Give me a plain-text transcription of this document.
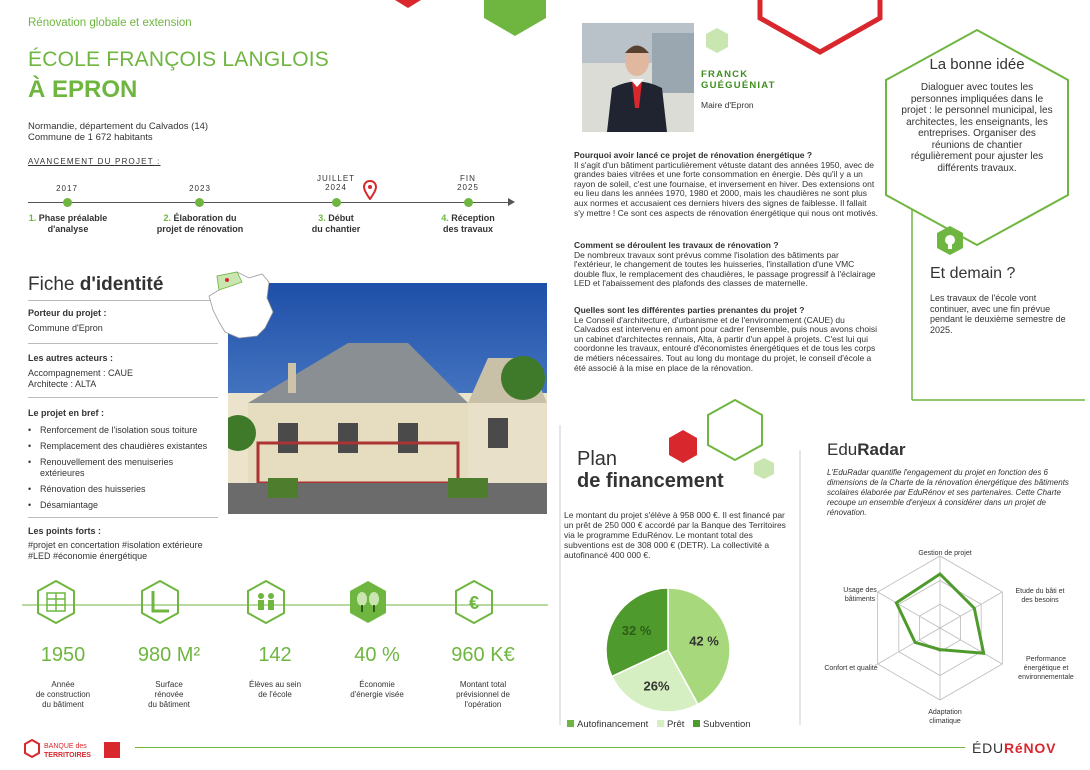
Rénovation globale et extension
ÉCOLE FRANÇOIS LANGLOIS
À EPRON
Normandie, département du Calvados (14)
Commune de 1 672 habitants
AVANCEMENT DU PROJET :
2017	2023
JUILLET
2024
FIN
2025
1. Phase préalable
d'analyse
2. Élaboration du
projet de rénovation
3. Début
du chantier
4. Réception
des travaux
Fiche d'identité
Porteur du projet :
Commune d'Epron
Les autres acteurs :
Accompagnement : CAUE
Architecte : ALTA
Le projet en bref :
• Renforcement de l'isolation sous toiture
• Remplacement des chaudières existantes
• Renouvellement des menuiseries extérieures
• Rénovation des huisseries
• Désamiantage
Les points forts :
#projet en concertation #isolation extérieure
#LED #économie énergétique
€
1950	980 M²	142	40 %	960 K€
Année
de construction
du bâtiment
Surface
rénovée
du bâtiment
Élèves au sein
de l'école
Économie
d'énergie visée
Montant total
prévisionnel de
l'opération
FRANCK
GUÉGUÉNIAT
Maire d'Epron
Pourquoi avoir lancé ce projet de rénovation énergétique ?
Il s'agit d'un bâtiment particulièrement vétuste datant des années 1950, avec de grandes baies vitrées et une forte consommation en énergie. Dès qu'il y a un rayon de soleil, c'est une fournaise, et inversement en hiver. Des extensions ont eu lieu dans les années 1970, 1980 et 2000, mais les chaudières ne sont plus aux normes et accusaient ces derniers hivers des signes de faiblesse. Il fallait s'y mettre ! Ce sont ces aspects de rénovation énergétique qui nous ont motivés.
Comment se déroulent les travaux de rénovation ?
De nombreux travaux sont prévus comme l'isolation des bâtiments par l'extérieur, le changement de toutes les huisseries, l'installation d'une VMC double flux, le remplacement des chaudières, le passage progressif à l'éclairage LED et l'abaissement des plafonds des classes de maternelle.
Quelles sont les différentes parties prenantes du projet ?
Le Conseil d'architecture, d'urbanisme et de l'environnement (CAUE) du Calvados est intervenu en amont pour cadrer l'ensemble, puis nous avons choisi un cabinet d'architectes rennais, Alta, à partir d'un appel à projets. C'est lui qui coordonne les travaux, entouré d'économistes énergétiques et de tous les corps de métiers nécessaires. Tout au long du montage du projet, le conseil d'école a été associé à la mise en place de la rénovation.
La bonne idée
Dialoguer avec toutes les personnes impliquées dans le projet : le personnel municipal, les architectes, les enseignants, les entreprises. Organiser des réunions de chantier régulièrement pour ajuster les différents travaux.
Et demain ?
Les travaux de l'école vont continuer, avec une fin prévue pendant le deuxième semestre de 2025.
Plan
de financement
Le montant du projet s'élève à 958 000 €. Il est financé par un prêt de 250 000 € accordé par la Banque des Territoires via le programme EduRénov. Le montant total des subventions est de 308 000 € (DETR). La collectivité a autofinancé 400 000 €.
42 %
26%
32 %
Autofinancement Prêt Subvention
EduRadar
L'EduRadar quantifie l'engagement du projet en fonction des 6 dimensions de la Charte de la rénovation énergétique des bâtiments scolaires élaborée par EduRénov et ses partenaires. Cette Charte recoupe un ensemble d'enjeux à considérer dans un projet de rénovation.
Gestion de projet
Etude du bâti et
des besoins
Performance
énergétique et
environnementale
Adaptation
climatique
Confort et qualité
Usage des
bâtiments
BANQUE des
TERRITOIRES	ÉDURéNOV
